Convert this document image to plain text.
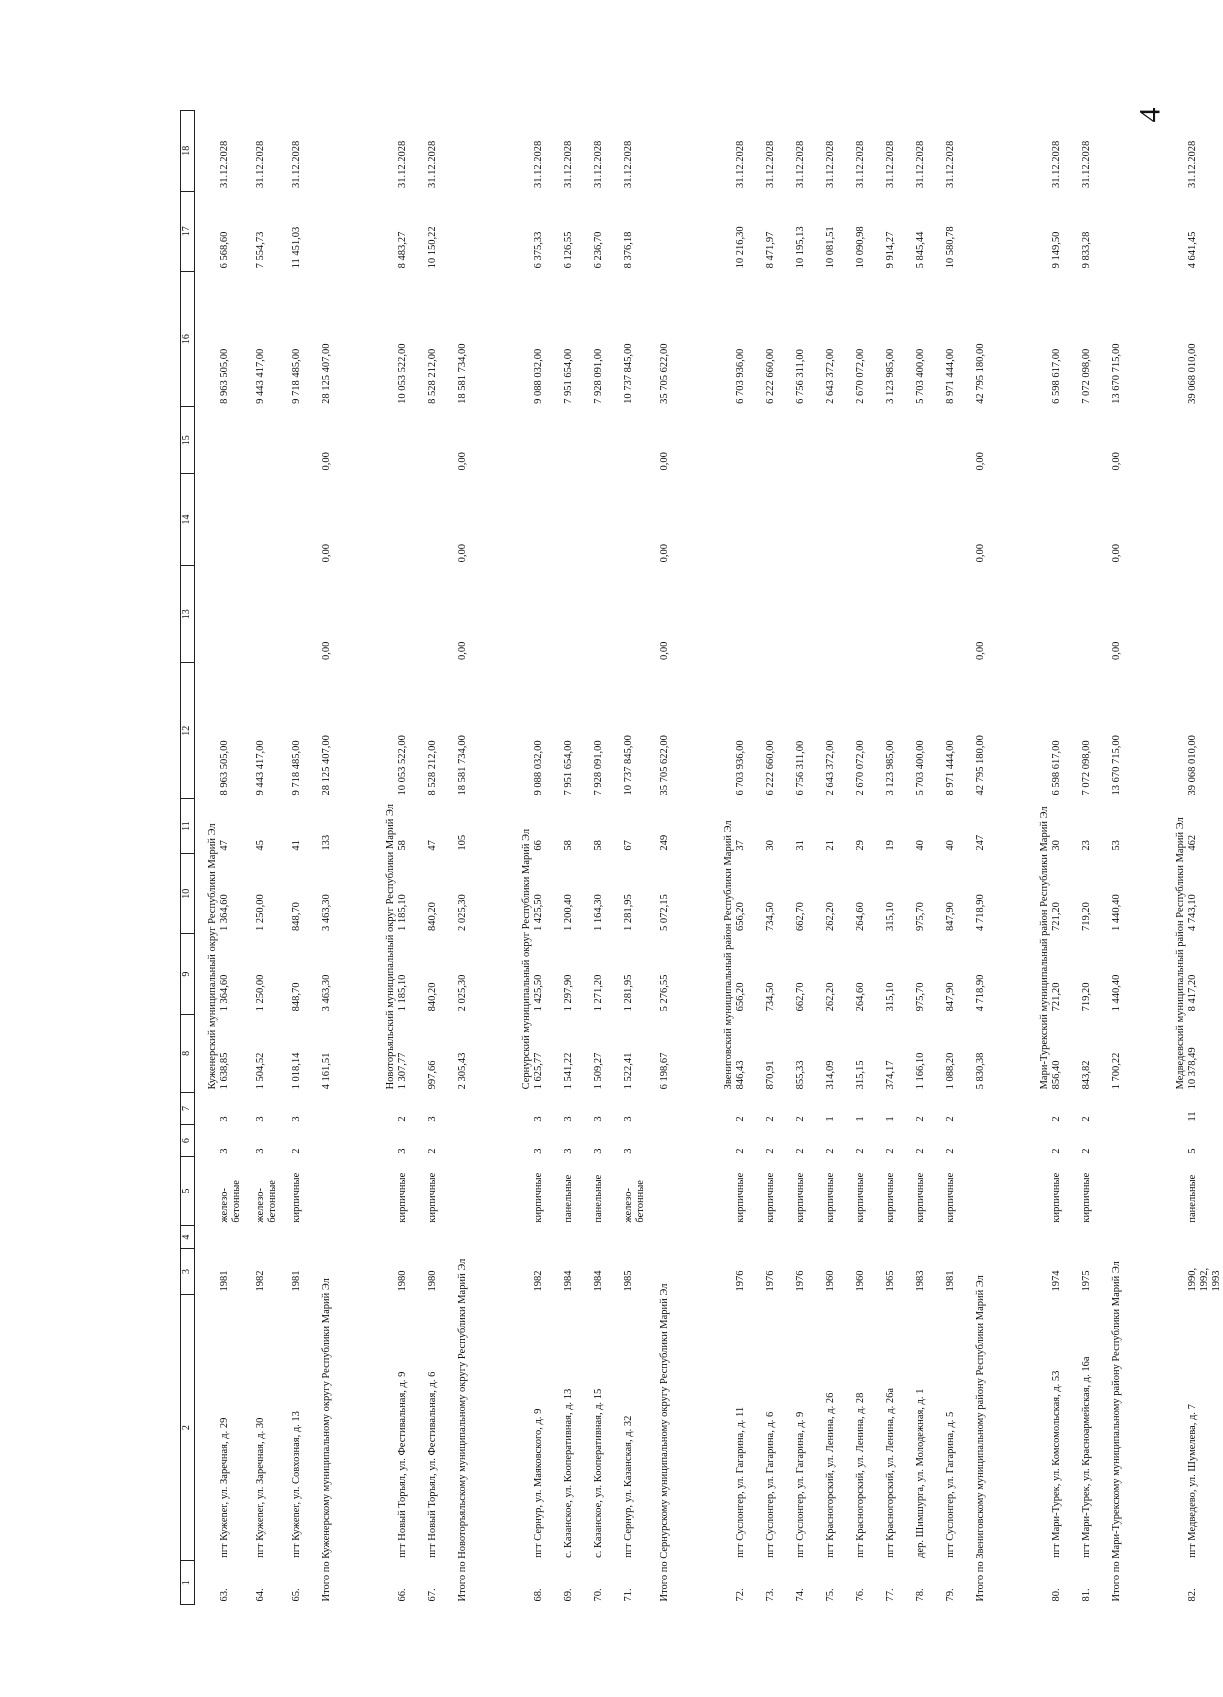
4
1	2	3	4	5	6	7	8	9	10	11	12	13	14	15	16	17	18
							Куженерский муниципальный округ Республики Марий Эл										
63.	пгт Кужener, ул. Заречная, д. 29	1981		железо-бетонные	3	3	1 638,85	1 364,60	1 364,60	47	8 963 505,00				8 963 505,00	6 568,60	31.12.2028
64.	пгт Кужener, ул. Заречная, д. 30	1982		железо-бетонные	3	3	1 504,52	1 250,00	1 250,00	45	9 443 417,00				9 443 417,00	7 554,73	31.12.2028
65.	пгт Кужener, ул. Совхозная, д. 13	1981		кирпичные	2	3	1 018,14	848,70	848,70	41	9 718 485,00				9 718 485,00	11 451,03	31.12.2028
Итого по Куженерскому муниципальному округу Республики Марий Эл							4 161,51	3 463,30	3 463,30	133	28 125 407,00	0,00	0,00	0,00	28 125 407,00		

							Новоторъяльский муниципальный округ Республики Марий Эл										
66.	пгт Новый Торъял, ул. Фестивальная, д. 9	1980		кирпичные	3	2	1 307,77	1 185,10	1 185,10	58	10 053 522,00				10 053 522,00	8 483,27	31.12.2028
67.	пгт Новый Торъял, ул. Фестивальная, д. 6	1980		кирпичные	2	3	997,66	840,20	840,20	47	8 528 212,00				8 528 212,00	10 150,22	31.12.2028
Итого по Новоторъяльскому муниципальному округу Республики Марий Эл							2 305,43	2 025,30	2 025,30	105	18 581 734,00	0,00	0,00	0,00	18 581 734,00		

							Сернурский муниципальный округ Республики Марий Эл										
68.	пгт Сернур, ул. Маяковского, д. 9	1982		кирпичные	3	3	1 625,77	1 425,50	1 425,50	66	9 088 032,00				9 088 032,00	6 375,33	31.12.2028
69.	с. Казанское, ул. Кооперативная, д. 13	1984		панельные	3	3	1 541,22	1 297,90	1 200,40	58	7 951 654,00				7 951 654,00	6 126,55	31.12.2028
70.	с. Казанское, ул. Кооперативная, д. 15	1984		панельные	3	3	1 509,27	1 271,20	1 164,30	58	7 928 091,00				7 928 091,00	6 236,70	31.12.2028
71.	пгт Сернур, ул. Казанская, д. 32	1985		железо-бетонные	3	3	1 522,41	1 281,95	1 281,95	67	10 737 845,00				10 737 845,00	8 376,18	31.12.2028
Итого по Сернурскому муниципальному округу Республики Марий Эл							6 198,67	5 276,55	5 072,15	249	35 705 622,00	0,00	0,00	0,00	35 705 622,00		

							Звениговский муниципальный район Республики Марий Эл										
72.	пгт Суслонгер, ул. Гагарина, д. 11	1976		кирпичные	2	2	846,43	656,20	656,20	37	6 703 936,00				6 703 936,00	10 216,30	31.12.2028
73.	пгт Суслонгер, ул. Гагарина, д. 6	1976		кирпичные	2	2	870,91	734,50	734,50	30	6 222 660,00				6 222 660,00	8 471,97	31.12.2028
74.	пгт Суслонгер, ул. Гагарина, д. 9	1976		кирпичные	2	2	855,33	662,70	662,70	31	6 756 311,00				6 756 311,00	10 195,13	31.12.2028
75.	пгт Красногорский, ул. Ленина, д. 26	1960		кирпичные	2	1	314,09	262,20	262,20	21	2 643 372,00				2 643 372,00	10 081,51	31.12.2028
76.	пгт Красногорский, ул. Ленина, д. 28	1960		кирпичные	2	1	315,15	264,60	264,60	29	2 670 072,00				2 670 072,00	10 090,98	31.12.2028
77.	пгт Красногорский, ул. Ленина, д. 26а	1965		кирпичные	2	1	374,17	315,10	315,10	19	3 123 985,00				3 123 985,00	9 914,27	31.12.2028
78.	дер. Шимшурга, ул. Молодежная, д. 1	1983		кирпичные	2	2	1 166,10	975,70	975,70	40	5 703 400,00				5 703 400,00	5 845,44	31.12.2028
79.	пгт Суслонгер, ул. Гагарина, д. 5	1981		кирпичные	2	2	1 088,20	847,90	847,90	40	8 971 444,00				8 971 444,00	10 580,78	31.12.2028
Итого по Звениговскому муниципальному району Республики Марий Эл							5 830,38	4 718,90	4 718,90	247	42 795 180,00	0,00	0,00	0,00	42 795 180,00		

							Мари-Турекский муниципальный район Республики Марий Эл										
80.	пгт Мари-Турек, ул. Комсомольская, д. 53	1974		кирпичные	2	2	856,40	721,20	721,20	30	6 598 617,00				6 598 617,00	9 149,50	31.12.2028
81.	пгт Мари-Турек, ул. Красноармейская, д. 16а	1975		кирпичные	2	2	843,82	719,20	719,20	23	7 072 098,00				7 072 098,00	9 833,28	31.12.2028
Итого по Мари-Турекскому муниципальному району Республики Марий Эл							1 700,22	1 440,40	1 440,40	53	13 670 715,00	0,00	0,00	0,00	13 670 715,00		

							Медведевский муниципальный район Республики Марий Эл										
82.	пгт Медведево, ул. Шумелева, д. 7	1990, 1992, 1993		панельные	5	11	10 378,49	8 417,20	4 743,10	462	39 068 010,00				39 068 010,00	4 641,45	31.12.2028
